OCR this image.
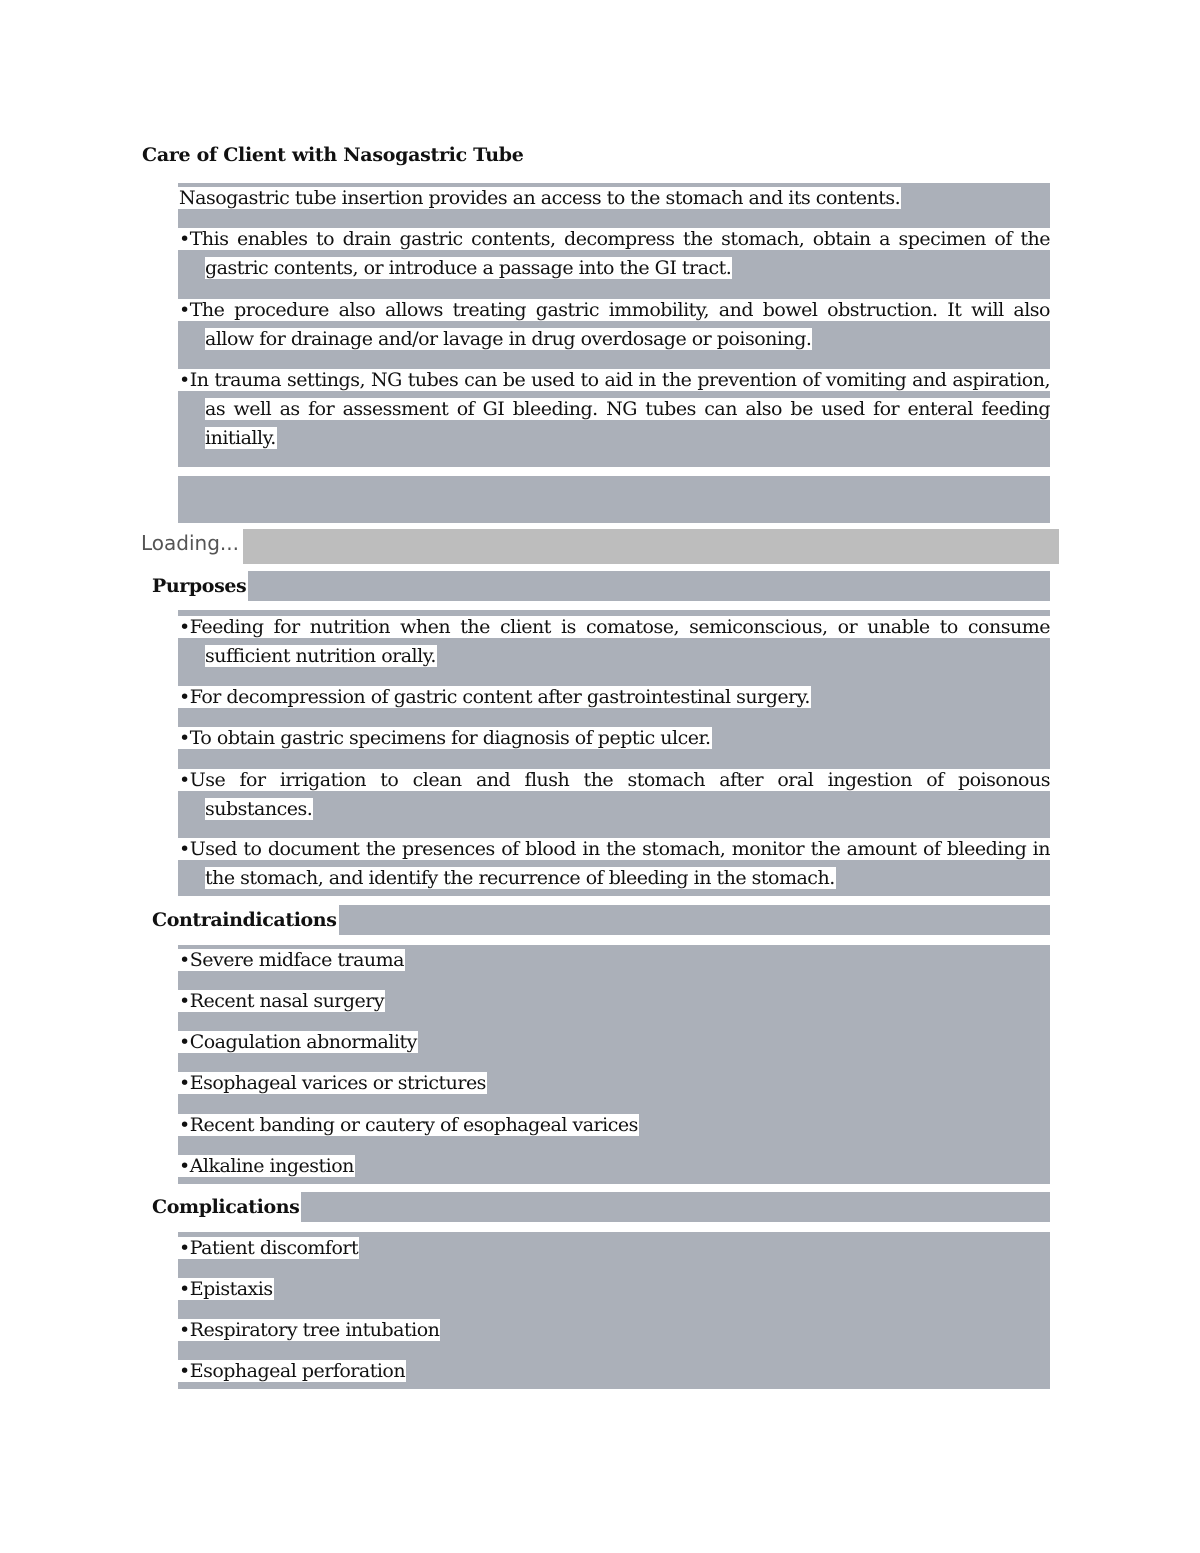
Care of Client with Nasogastric Tube
Nasogastric tube insertion provides an access to the stomach and its contents.
•This enables to drain gastric contents, decompress the stomach, obtain a specimen of the gastric contents, or introduce a passage into the GI tract.
•The procedure also allows treating gastric immobility, and bowel obstruction. It will also allow for drainage and/or lavage in drug overdosage or poisoning.
•In trauma settings, NG tubes can be used to aid in the prevention of vomiting and aspiration, as well as for assessment of GI bleeding. NG tubes can also be used for enteral feeding initially.
Loading...
Purposes
•Feeding for nutrition when the client is comatose, semiconscious, or unable to consume sufficient nutrition orally.
•For decompression of gastric content after gastrointestinal surgery.
•To obtain gastric specimens for diagnosis of peptic ulcer.
•Use for irrigation to clean and flush the stomach after oral ingestion of poisonous substances.
•Used to document the presences of blood in the stomach, monitor the amount of bleeding in the stomach, and identify the recurrence of bleeding in the stomach.
Contraindications
•Severe midface trauma
•Recent nasal surgery
•Coagulation abnormality
•Esophageal varices or strictures
•Recent banding or cautery of esophageal varices
•Alkaline ingestion
Complications
•Patient discomfort
•Epistaxis
•Respiratory tree intubation
•Esophageal perforation
